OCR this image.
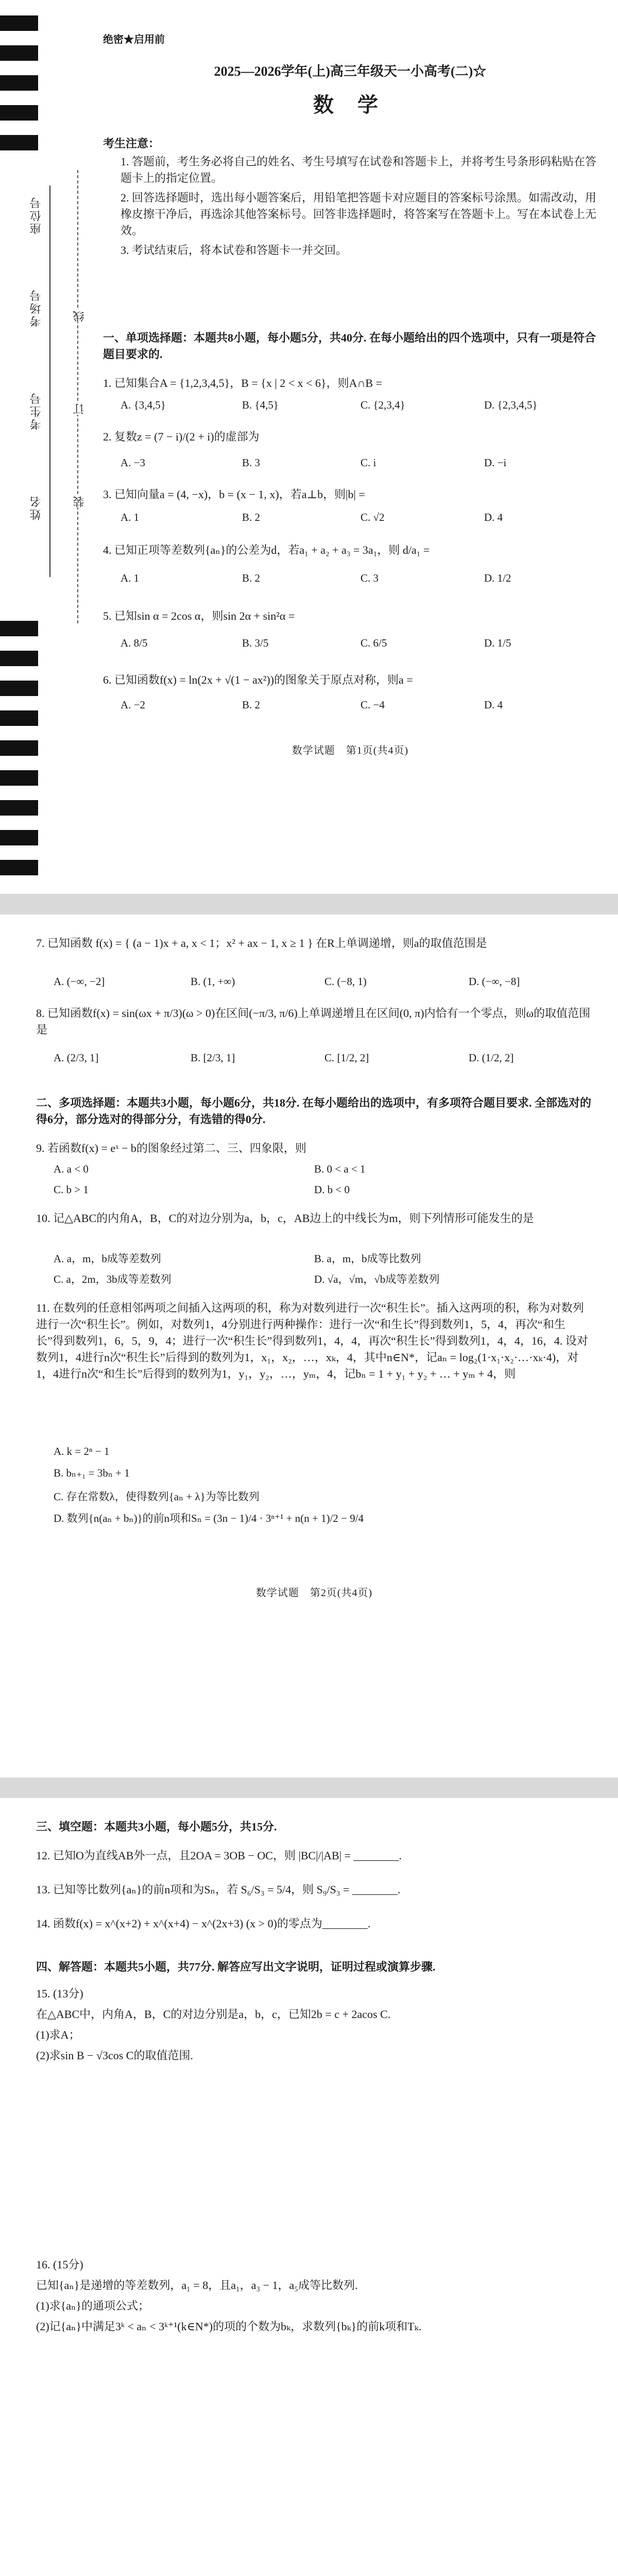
座位号
考场号
考生号
姓名
线
订
装
绝密★启用前
2025—2026学年(上)高三年级天一小高考(二)☆
数 学
考生注意：
1. 答题前，考生务必将自己的姓名、考生号填写在试卷和答题卡上，并将考生号条形码粘贴在答题卡上的指定位置。
2. 回答选择题时，选出每小题答案后，用铅笔把答题卡对应题目的答案标号涂黑。如需改动，用橡皮擦干净后，再选涂其他答案标号。回答非选择题时，将答案写在答题卡上。写在本试卷上无效。
3. 考试结束后，将本试卷和答题卡一并交回。
一、单项选择题：本题共8小题，每小题5分，共40分. 在每小题给出的四个选项中，只有一项是符合题目要求的.
1. 已知集合A = {1,2,3,4,5}，B = {x | 2 < x < 6}，则A∩B =
A. {3,4,5}	B. {4,5}	C. {2,3,4}	D. {2,3,4,5}
2. 复数z = (7 − i)/(2 + i)的虚部为
A. −3	B. 3	C. i	D. −i
3. 已知向量a = (4, −x)，b = (x − 1, x)，若a⊥b，则|b| =
A. 1	B. 2	C. √2	D. 4
4. 已知正项等差数列{aₙ}的公差为d，若a₁ + a₂ + a₃ = 3a₁，则 d/a₁ =
A. 1	B. 2	C. 3	D. 1/2
5. 已知sin α = 2cos α，则sin 2α + sin²α =
A. 8/5	B. 3/5	C. 6/5	D. 1/5
6. 已知函数f(x) = ln(2x + √(1 − ax²))的图象关于原点对称，则a =
A. −2	B. 2	C. −4	D. 4
数学试题　第1页(共4页)
7. 已知函数 f(x) = { (a − 1)x + a, x < 1；x² + ax − 1, x ≥ 1 } 在R上单调递增，则a的取值范围是
A. (−∞, −2]	B. (1, +∞)	C. (−8, 1)	D. (−∞, −8]
8. 已知函数f(x) = sin(ωx + π/3)(ω > 0)在区间(−π/3, π/6)上单调递增且在区间(0, π)内恰有一个零点，则ω的取值范围是
A. (2/3, 1]	B. [2/3, 1]	C. [1/2, 2]	D. (1/2, 2]
二、多项选择题：本题共3小题，每小题6分，共18分. 在每小题给出的选项中，有多项符合题目要求. 全部选对的得6分，部分选对的得部分分，有选错的得0分.
9. 若函数f(x) = eˣ − b的图象经过第二、三、四象限，则
A. a < 0	B. 0 < a < 1
C. b > 1	D. b < 0
10. 记△ABC的内角A，B，C的对边分别为a，b，c，AB边上的中线长为m，则下列情形可能发生的是
A. a，m，b成等差数列	B. a，m，b成等比数列
C. a，2m，3b成等差数列	D. √a，√m，√b成等差数列
11. 在数列的任意相邻两项之间插入这两项的积，称为对数列进行一次“积生长”。插入这两项的积，称为对数列进行一次“积生长”。例如，对数列1，4分别进行两种操作：进行一次“和生长”得到数列1，5，4，再次“和生长”得到数列1，6，5，9，4；进行一次“积生长”得到数列1，4，4，再次“积生长”得到数列1，4，4，16，4. 设对数列1，4进行n次“积生长”后得到的数列为1，x₁，x₂，…，xₖ，4，其中n∈N*，记aₙ = log₂(1·x₁·x₂·…·xₖ·4)，对1，4进行n次“和生长”后得到的数列为1，y₁，y₂，…，yₘ，4，记bₙ = 1 + y₁ + y₂ + … + yₘ + 4，则
A. k = 2ⁿ − 1
B. bₙ₊₁ = 3bₙ + 1
C. 存在常数λ，使得数列{aₙ + λ}为等比数列
D. 数列{n(aₙ + bₙ)}的前n项和Sₙ = (3n − 1)/4 · 3ⁿ⁺¹ + n(n + 1)/2 − 9/4
数学试题　第2页(共4页)
三、填空题：本题共3小题，每小题5分，共15分.
12. 已知O为直线AB外一点，且2OA = 3OB − OC，则 |BC|/|AB| = ________.
13. 已知等比数列{aₙ}的前n项和为Sₙ，若 S₆/S₃ = 5/4，则 S₉/S₃ = ________.
14. 函数f(x) = x^(x+2) + x^(x+4) − x^(2x+3) (x > 0)的零点为________.
四、解答题：本题共5小题，共77分. 解答应写出文字说明，证明过程或演算步骤.
15. (13分)
在△ABC中，内角A，B，C的对边分别是a，b，c，已知2b = c + 2acos C.
(1)求A；
(2)求sin B − √3cos C的取值范围.
16. (15分)
已知{aₙ}是递增的等差数列，a₁ = 8，且a₁，a₃ − 1，a₅成等比数列.
(1)求{aₙ}的通项公式；
(2)记{aₙ}中满足3ᵏ < aₙ < 3ᵏ⁺¹(k∈N*)的项的个数为bₖ，求数列{bₖ}的前k项和Tₖ.
